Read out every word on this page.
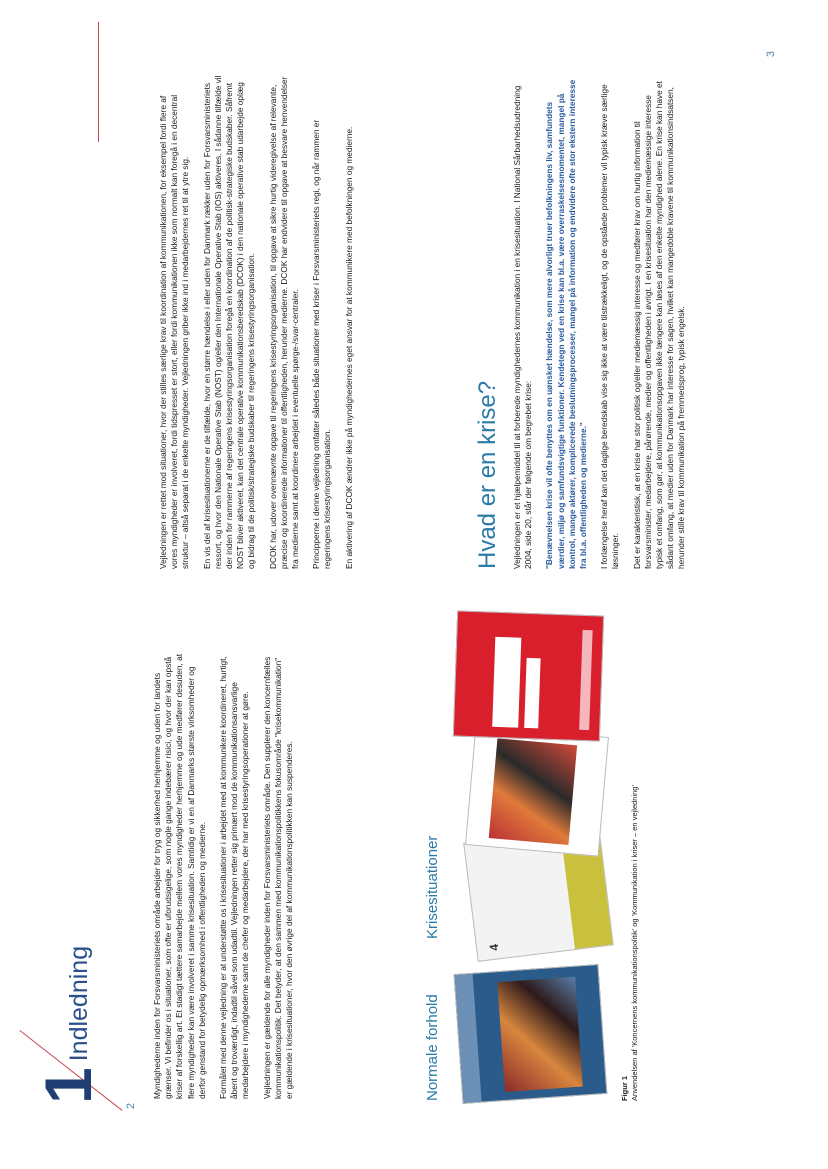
2
3
1
Indledning	Myndighederne inden for Forsvarsministeriets område arbejder for tryg og sikkerhed herhjemme og uden for landets grænser. Vi befinder os i situationer, som ofte er uforudsigelige, som nogle gange indebærer risici, og hvor der kan opstå kriser af forskellig art. Et stadigt tættere samarbejde mellem vores myndigheder herhjemme og ude medfører desuden, at flere myndigheder kan være involveret i samme krisesituation. Samtidig er vi en af Danmarks største virksomheder og derfor genstand for betydelig opmærksomhed i offentligheden og medierne. Formålet med denne vejledning er at understøtte os i krisesituationer i arbejdet med at kommunikere koordineret, hurtigt, åbent og troværdigt, indadtil såvel som udadtil. Vejledningen retter sig primært mod de kommunikationsansvarlige medarbejdere i myndighederne samt de chefer og medarbejdere, der har med krisestyringsoperationer at gøre. Vejledningen er gældende for alle myndigheder inden for Forsvarsministeriets område. Den supplerer den koncernfælles kommunikationspolitik. Det betyder, at den sammen med kommunikationspolitikkens fokusområde "krisekommunikation" er gældende i krisesituationer, hvor den øvrige del af kommunikationspolitikken kan suspenderes.	Normale forhold
Krisesituationer
4
Figur 1
Anvendelsen af 'Koncernens kommunikationspolitik' og 'Kommunikation i kriser – en vejledning'

Vejledningen er rettet mod situationer, hvor der stilles særlige krav til koordination af kommunikationen, for eksempel fordi flere af vores myndigheder er involveret, fordi tidspresset er stort, eller fordi kommunikationen ikke som normalt kan foregå i en decentral struktur – altså separat i de enkelte myndigheder. Vejledningen griber ikke ind i medarbejdernes ret til at ytre sig. En vis del af krisesituationerne er de tilfælde, hvor en større hændelse i eller uden for Danmark rækker uden for Forsvarsministeriets ressort, og hvor den Nationale Operative Stab (NOST) og/eller den Internationale Operative Stab (IOS) aktiveres. I sådanne tilfælde vil der inden for rammerne af regeringens krisestyringsorganisation foregå en koordination af de politisk-strategiske budskaber. Såfremt NOST bliver aktiveret, kan det centrale operative kommunikationsberedskab (DCOK) i den nationale operative stab udarbejde oplæg og bidrag til de politisk/strategiske budskaber til regeringens krisestyringsorganisation. DCOK har, udover ovennævnte opgave til regeringens krisestyringsorganisation, til opgave at sikre hurtig videregivelse af relevante, præcise og koordinerede informationer til offentligheden, herunder medierne. DCOK har endvidere til opgave at besvare henvendelser fra medierne samt at koordinere arbejdet i eventuelle spørge-/svar-centraler. Principperne i denne vejledning omfatter således både situationer med kriser i Forsvarsministeriets regi, og når rammen er regeringens krisestyringsorganisation. En aktivering af DCOK ændrer ikke på myndighedernes eget ansvar for at kommunikere med befolkningen og medierne.	Hvad er en krise? Vejledningen er et hjælpemiddel til at forberede myndighedernes kommunikation i en krisesituation. I National Sårbarhedsudredning 2004, side 20, står der følgende om begrebet krise: "Benævnelsen krise vil ofte benyttes om en uønsket hændelse, som mere alvorligt truer befolkningens liv, samfundets værdier, miljø og samfundsvigtige funktioner. Kendetegn ved en krise kan bl.a. være overraskelsesmomentet, mangel på kontrol, mange aktører, komplicerede beslutningsprocesser, mangel på information og endvidere ofte stor ekstern interesse fra bl.a. offentligheden og medierne." I forlængelse heraf kan det daglige beredskab vise sig ikke at være tilstrækkeligt, og de opståede problemer vil typisk kræve særlige løsninger. Det er karakteristisk, at en krise har stor politisk og/eller mediemæssig interesse og medfører krav om hurtig information til forsvarsminister, medarbejdere, pårørende, medier og offentligheden i øvrigt. I en krisesituation har den mediemæssige interesse typisk et omfang, som gør, at kommunikationsopgaven ikke længere kan løses af den enkelte myndighed alene. En krise kan have et sådant omfang, at medier uden for Danmark har interesse for sagen, hvilket kan mangedoble kravene til kommunikationsindsatsen, herunder stille krav til kommunikation på fremmedsprog, typisk engelsk.
